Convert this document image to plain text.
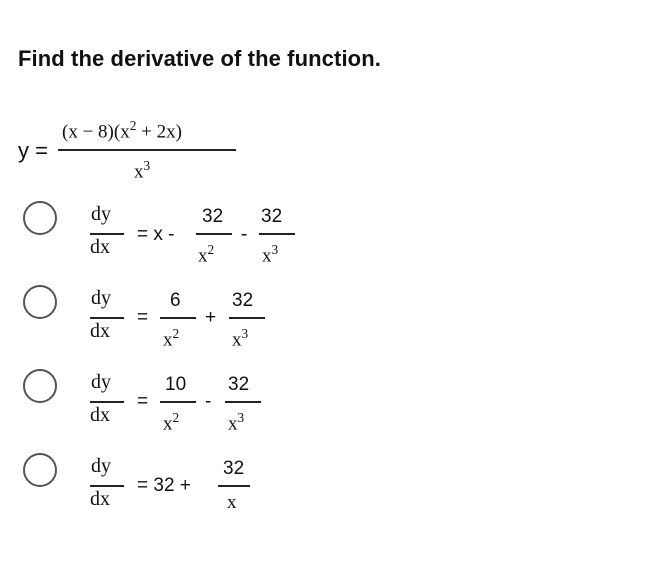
Find the derivative of the function.
y =
$(x - 8)(x^2 + 2x)$
$x^3$
dy
dx
= x -
32
$x^2$
-
32
$x^3$
dy
dx
=
6
$x^2$
+
32
$x^3$
dy
dx
=
10
$x^2$
-
32
$x^3$
dy
dx
= 32 +
32
x
